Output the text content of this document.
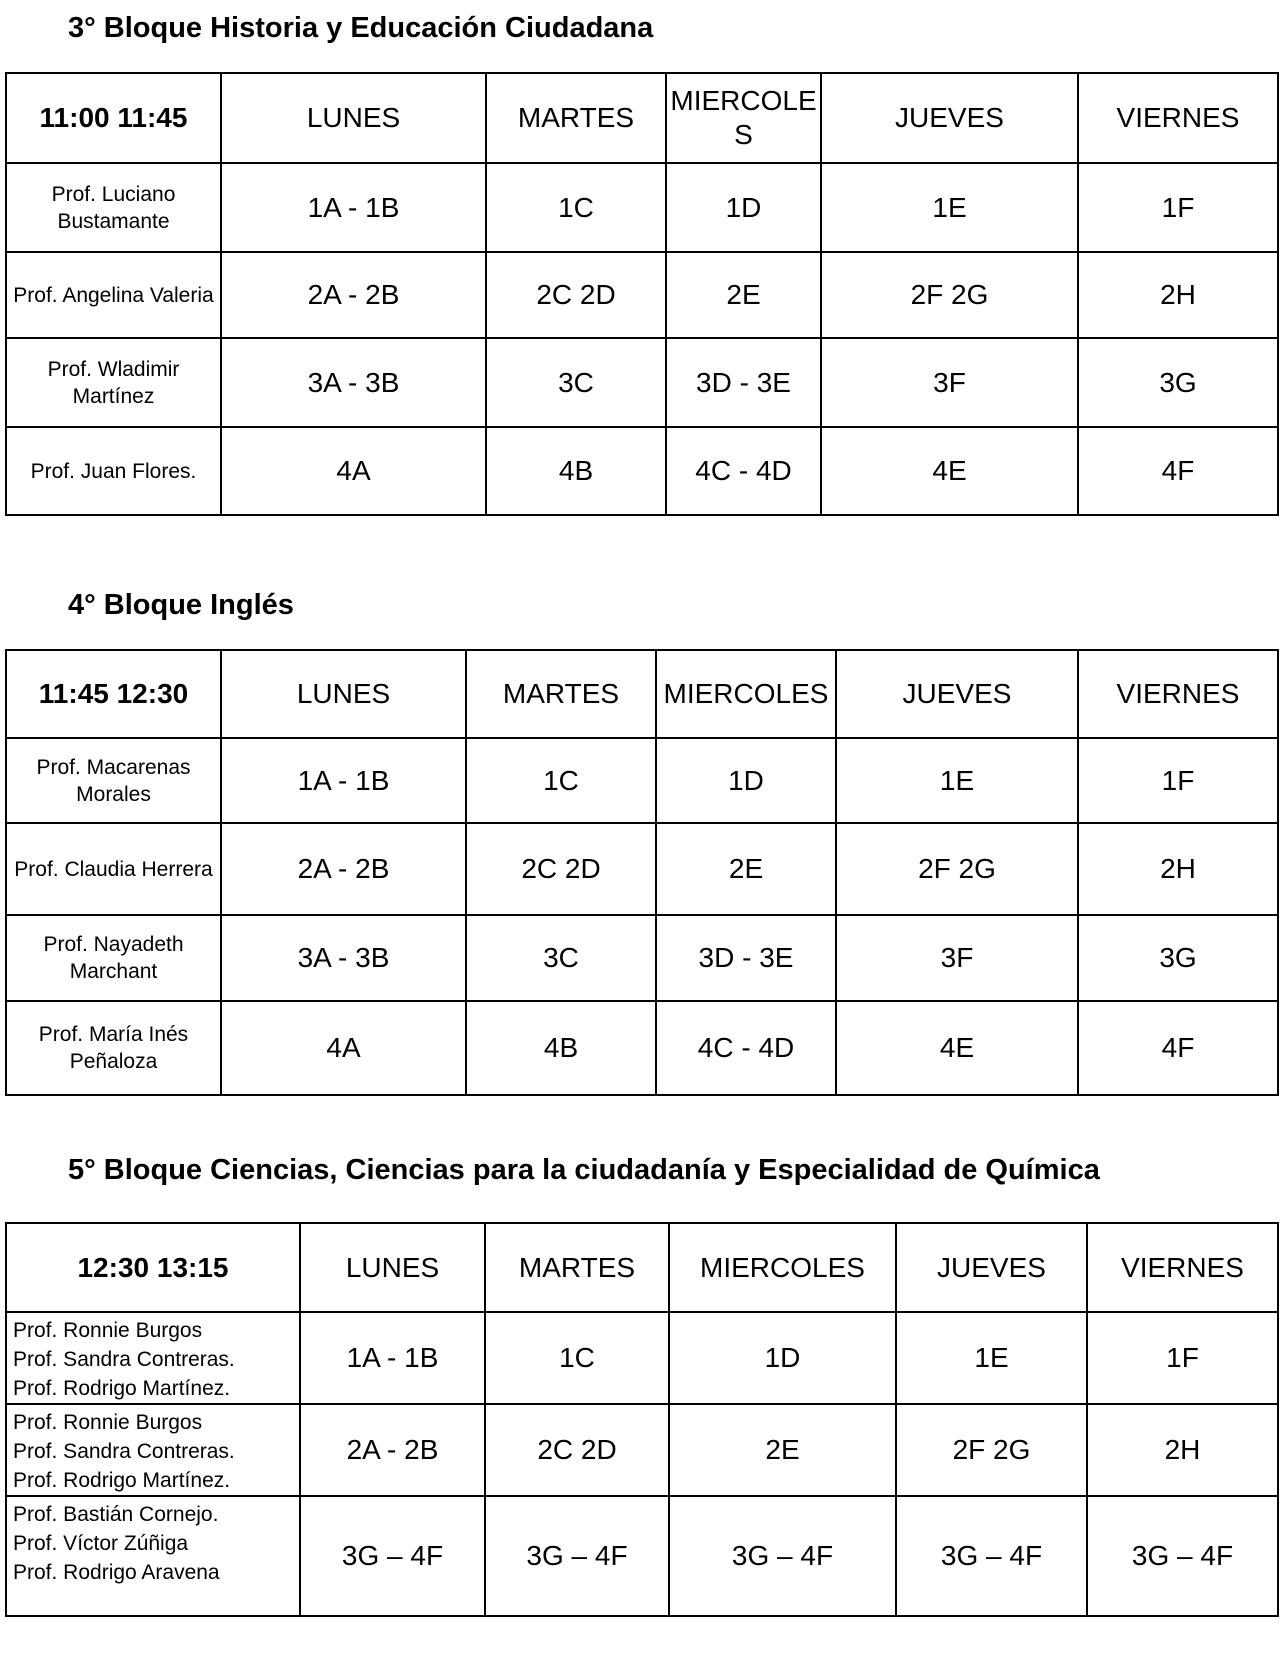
3° Bloque Historia y Educación Ciudadana
11:00 11:45	LUNES	MARTES	MIERCOLES	JUEVES	VIERNES

Prof. Luciano Bustamante	1A - 1B	1C	1D	1E	1F

Prof. Angelina Valeria	2A - 2B	2C 2D	2E	2F 2G	2H

Prof. Wladimir Martínez	3A - 3B	3C	3D - 3E	3F	3G

Prof. Juan Flores.	4A	4B	4C - 4D	4E	4F
4° Bloque Inglés
11:45 12:30	LUNES	MARTES	MIERCOLES	JUEVES	VIERNES

Prof. Macarenas Morales	1A - 1B	1C	1D	1E	1F

Prof. Claudia Herrera	2A - 2B	2C 2D	2E	2F 2G	2H

Prof. Nayadeth Marchant	3A - 3B	3C	3D - 3E	3F	3G

Prof. María Inés Peñaloza	4A	4B	4C - 4D	4E	4F
5° Bloque Ciencias, Ciencias para la ciudadanía y Especialidad de Química
12:30 13:15	LUNES	MARTES	MIERCOLES	JUEVES	VIERNES

Prof. Ronnie Burgos
Prof. Sandra Contreras.
Prof. Rodrigo Martínez.	1A - 1B	1C	1D	1E	1F

Prof. Ronnie Burgos
Prof. Sandra Contreras.
Prof. Rodrigo Martínez.	2A - 2B	2C 2D	2E	2F 2G	2H

Prof. Bastián Cornejo.
Prof. Víctor Zúñiga
Prof. Rodrigo Aravena	3G – 4F	3G – 4F	3G – 4F	3G – 4F	3G – 4F
